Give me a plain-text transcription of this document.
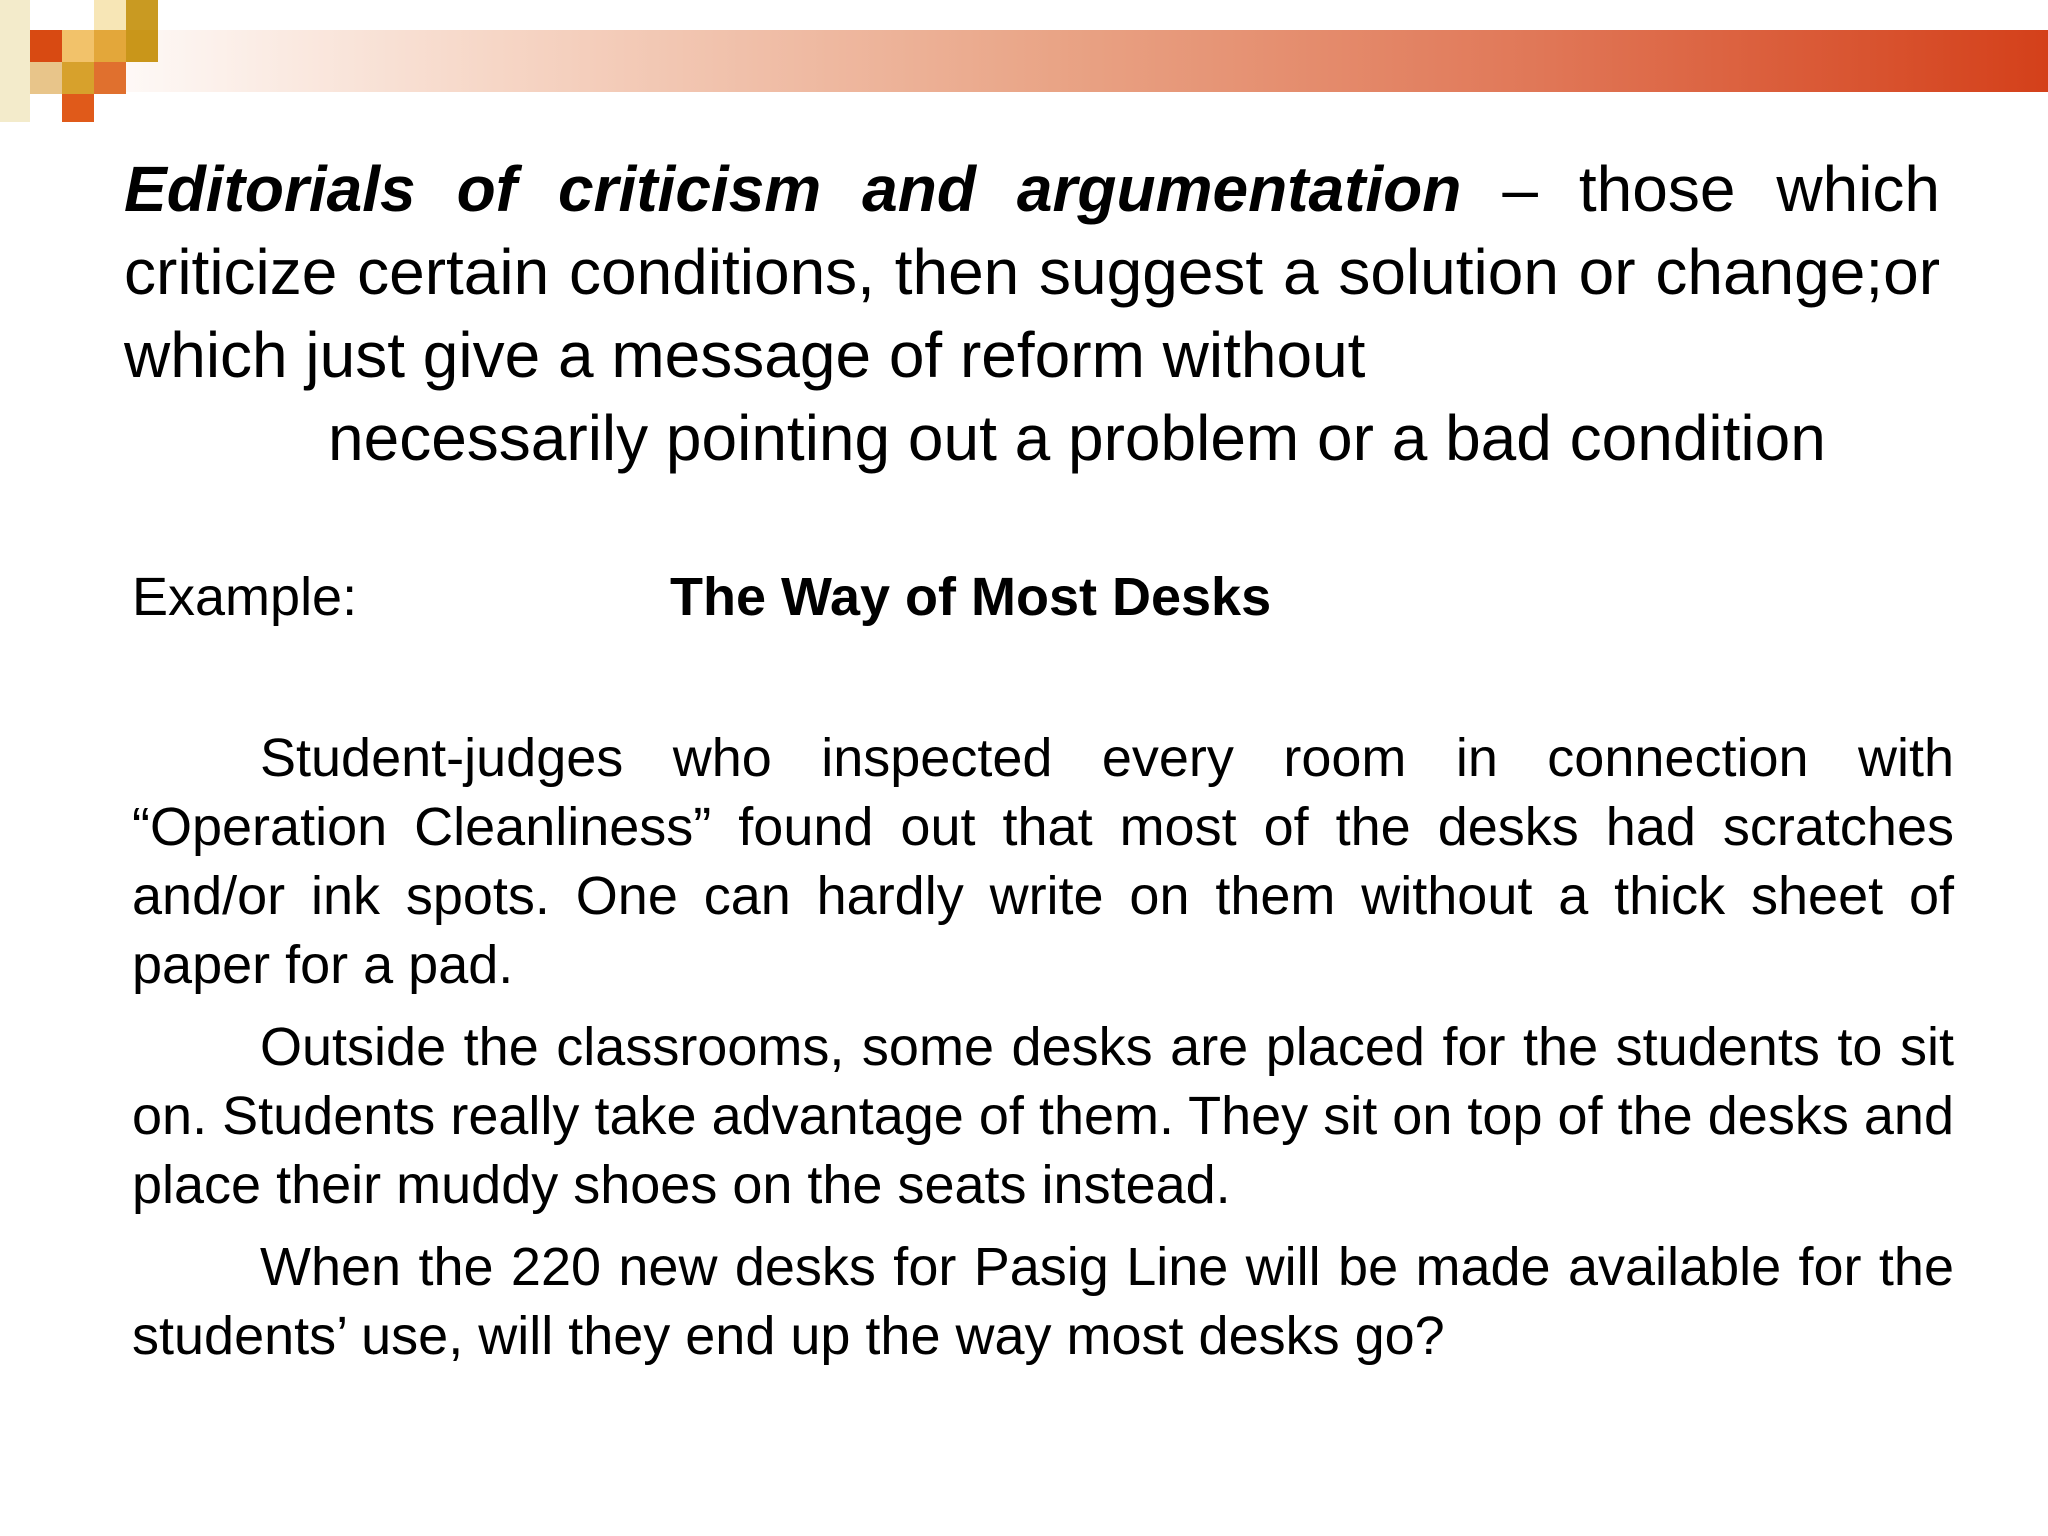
Editorials of criticism and argumentation – those which criticize certain conditions, then suggest a solution or change;or which just give a message of reform without
necessarily pointing out a problem or a bad condition

Example:	The Way of Most Desks

Student-judges who inspected every room in connection with “Operation Cleanliness” found out that most of the desks had scratches and/or ink spots. One can hardly write on them without a thick sheet of paper for a pad.

Outside the classrooms, some desks are placed for the students to sit on. Students really take advantage of them. They sit on top of the desks and place their muddy shoes on the seats instead.

When the 220 new desks for Pasig Line will be made available for the students’ use, will they end up the way most desks go?
